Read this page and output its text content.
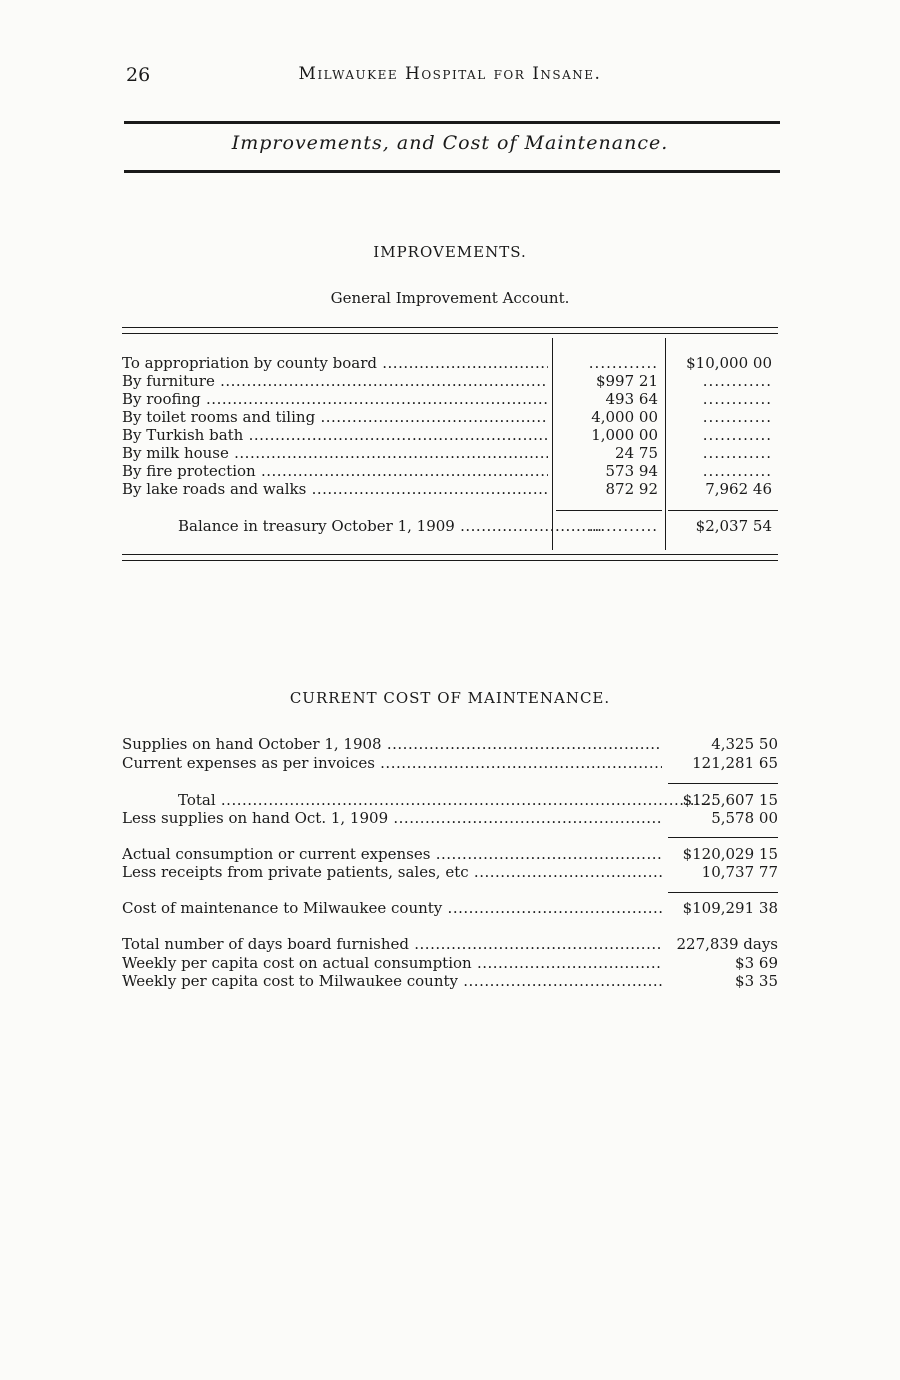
26	Milwaukee Hospital for Insane.
Improvements, and Cost of Maintenance.
IMPROVEMENTS.
General Improvement Account.
To appropriation by county board .....	............	$10,000 00
By furniture .....	$997 21	............
By roofing .....	493 64	............
By toilet rooms and tiling .....	4,000 00	............
By Turkish bath .....	1,000 00	............
By milk house .....	24 75	............
By fire protection .....	573 94	............
By lake roads and walks .....	872 92	7,962 46
Balance in treasury October 1, 1909 .....	............	$2,037 54
CURRENT COST OF MAINTENANCE.
Supplies on hand October 1, 1908 .....	4,325 50
Current expenses as per invoices .....	121,281 65
Total .....	$125,607 15
Less supplies on hand Oct. 1, 1909 .....	5,578 00
Actual consumption or current expenses .....	$120,029 15
Less receipts from private patients, sales, etc .....	10,737 77
Cost of maintenance to Milwaukee county .....	$109,291 38
Total number of days board furnished .....	227,839 days
Weekly per capita cost on actual consumption .....	$3 69
Weekly per capita cost to Milwaukee county .....	$3 35
